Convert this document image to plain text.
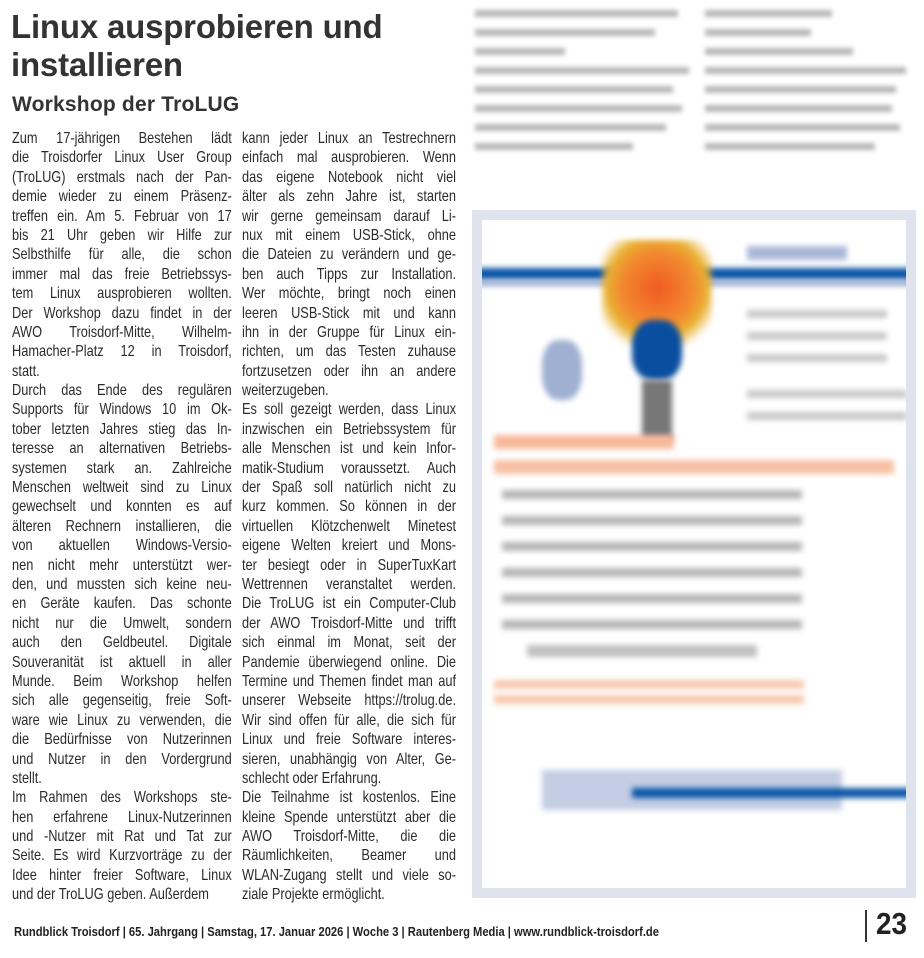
Linux ausprobieren und
installieren
Workshop der TroLUG
Zum 17-jährigen Bestehen lädt
die Troisdorfer Linux User Group
(TroLUG) erstmals nach der Pan-
demie wieder zu einem Präsenz-
treffen ein. Am 5. Februar von 17
bis 21 Uhr geben wir Hilfe zur
Selbsthilfe für alle, die schon
immer mal das freie Betriebssys-
tem Linux ausprobieren wollten.
Der Workshop dazu findet in der
AWO Troisdorf-Mitte, Wilhelm-
Hamacher-Platz 12 in Troisdorf,
statt.
Durch das Ende des regulären
Supports für Windows 10 im Ok-
tober letzten Jahres stieg das In-
teresse an alternativen Betriebs-
systemen stark an. Zahlreiche
Menschen weltweit sind zu Linux
gewechselt und konnten es auf
älteren Rechnern installieren, die
von aktuellen Windows-Versio-
nen nicht mehr unterstützt wer-
den, und mussten sich keine neu-
en Geräte kaufen. Das schonte
nicht nur die Umwelt, sondern
auch den Geldbeutel. Digitale
Souveranität ist aktuell in aller
Munde. Beim Workshop helfen
sich alle gegenseitig, freie Soft-
ware wie Linux zu verwenden, die
die Bedürfnisse von Nutzerinnen
und Nutzer in den Vordergrund
stellt.
Im Rahmen des Workshops ste-
hen erfahrene Linux-Nutzerinnen
und -Nutzer mit Rat und Tat zur
Seite. Es wird Kurzvorträge zu der
Idee hinter freier Software, Linux
und der TroLUG geben. Außerdem
kann jeder Linux an Testrechnern
einfach mal ausprobieren. Wenn
das eigene Notebook nicht viel
älter als zehn Jahre ist, starten
wir gerne gemeinsam darauf Li-
nux mit einem USB-Stick, ohne
die Dateien zu verändern und ge-
ben auch Tipps zur Installation.
Wer möchte, bringt noch einen
leeren USB-Stick mit und kann
ihn in der Gruppe für Linux ein-
richten, um das Testen zuhause
fortzusetzen oder ihn an andere
weiterzugeben.
Es soll gezeigt werden, dass Linux
inzwischen ein Betriebssystem für
alle Menschen ist und kein Infor-
matik-Studium voraussetzt. Auch
der Spaß soll natürlich nicht zu
kurz kommen. So können in der
virtuellen Klötzchenwelt Minetest
eigene Welten kreiert und Mons-
ter besiegt oder in SuperTuxKart
Wettrennen veranstaltet werden.
Die TroLUG ist ein Computer-Club
der AWO Troisdorf-Mitte und trifft
sich einmal im Monat, seit der
Pandemie überwiegend online. Die
Termine und Themen findet man auf
unserer Webseite https://trolug.de.
Wir sind offen für alle, die sich für
Linux und freie Software interes-
sieren, unabhängig von Alter, Ge-
schlecht oder Erfahrung.
Die Teilnahme ist kostenlos. Eine
kleine Spende unterstützt aber die
AWO Troisdorf-Mitte, die die
Räumlichkeiten, Beamer und
WLAN-Zugang stellt und viele so-
ziale Projekte ermöglicht.
Rundblick Troisdorf | 65. Jahrgang | Samstag, 17. Januar 2026 | Woche 3 | Rautenberg Media | www.rundblick-troisdorf.de	23
